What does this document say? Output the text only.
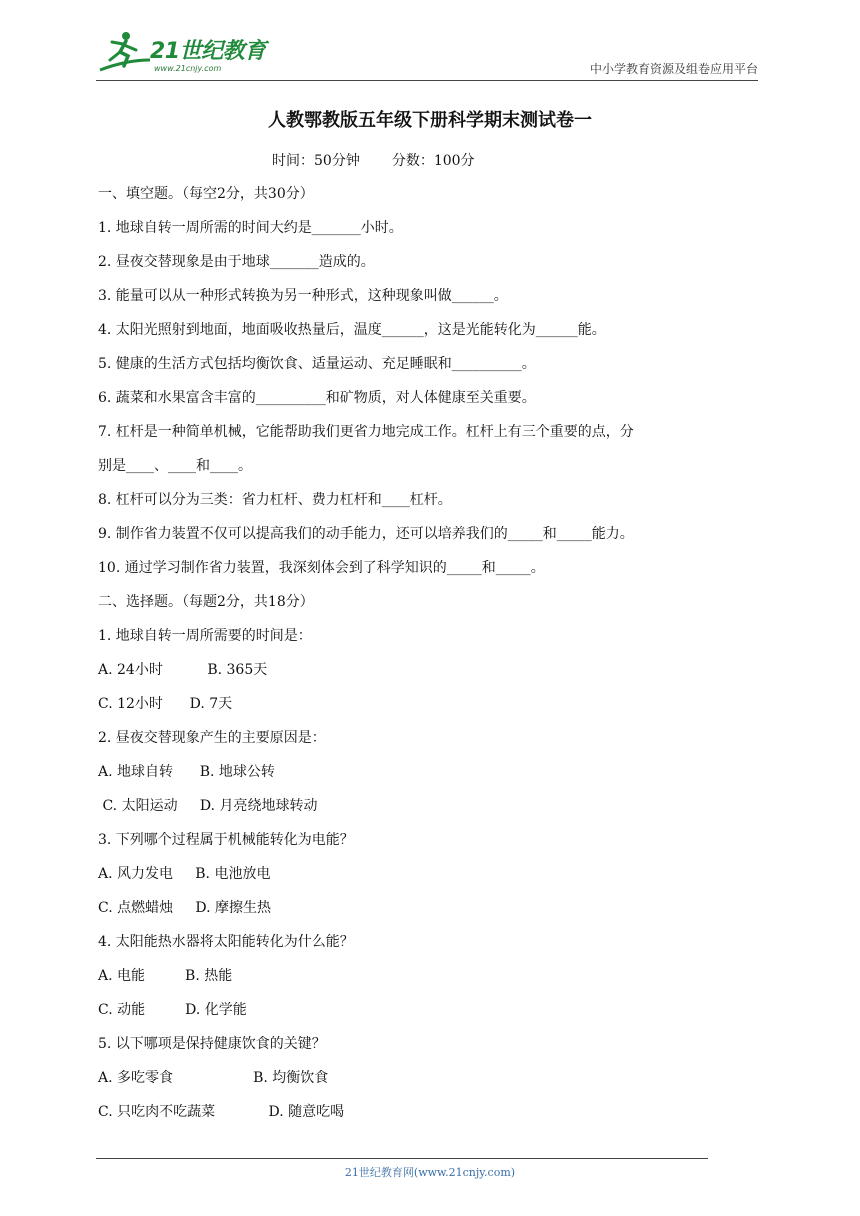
21世纪教育
www.21cnjy.com	中小学教育资源及组卷应用平台
人教鄂教版五年级下册科学期末测试卷一
时间：50分钟 分数：100分
一、填空题。（每空2分，共30分）
1. 地球自转一周所需的时间大约是_______小时。
2. 昼夜交替现象是由于地球_______造成的。
3. 能量可以从一种形式转换为另一种形式，这种现象叫做______。
4. 太阳光照射到地面，地面吸收热量后，温度______，这是光能转化为______能。
5. 健康的生活方式包括均衡饮食、适量运动、充足睡眠和__________。
6. 蔬菜和水果富含丰富的__________和矿物质，对人体健康至关重要。
7. 杠杆是一种简单机械，它能帮助我们更省力地完成工作。杠杆上有三个重要的点，分
别是____、____和____。
8. 杠杆可以分为三类：省力杠杆、费力杠杆和____杠杆。
9. 制作省力装置不仅可以提高我们的动手能力，还可以培养我们的_____和_____能力。
10. 通过学习制作省力装置，我深刻体会到了科学知识的_____和_____。
二、选择题。（每题2分，共18分）
1. 地球自转一周所需要的时间是：
A. 24小时          B. 365天
C. 12小时      D. 7天
2. 昼夜交替现象产生的主要原因是：
A. 地球自转      B. 地球公转
C. 太阳运动     D. 月亮绕地球转动
3. 下列哪个过程属于机械能转化为电能？
A. 风力发电     B. 电池放电
C. 点燃蜡烛     D. 摩擦生热
4. 太阳能热水器将太阳能转化为什么能？
A. 电能         B. 热能
C. 动能         D. 化学能
5. 以下哪项是保持健康饮食的关键？
A. 多吃零食                  B. 均衡饮食
C. 只吃肉不吃蔬菜            D. 随意吃喝
21世纪教育网(www.21cnjy.com)
